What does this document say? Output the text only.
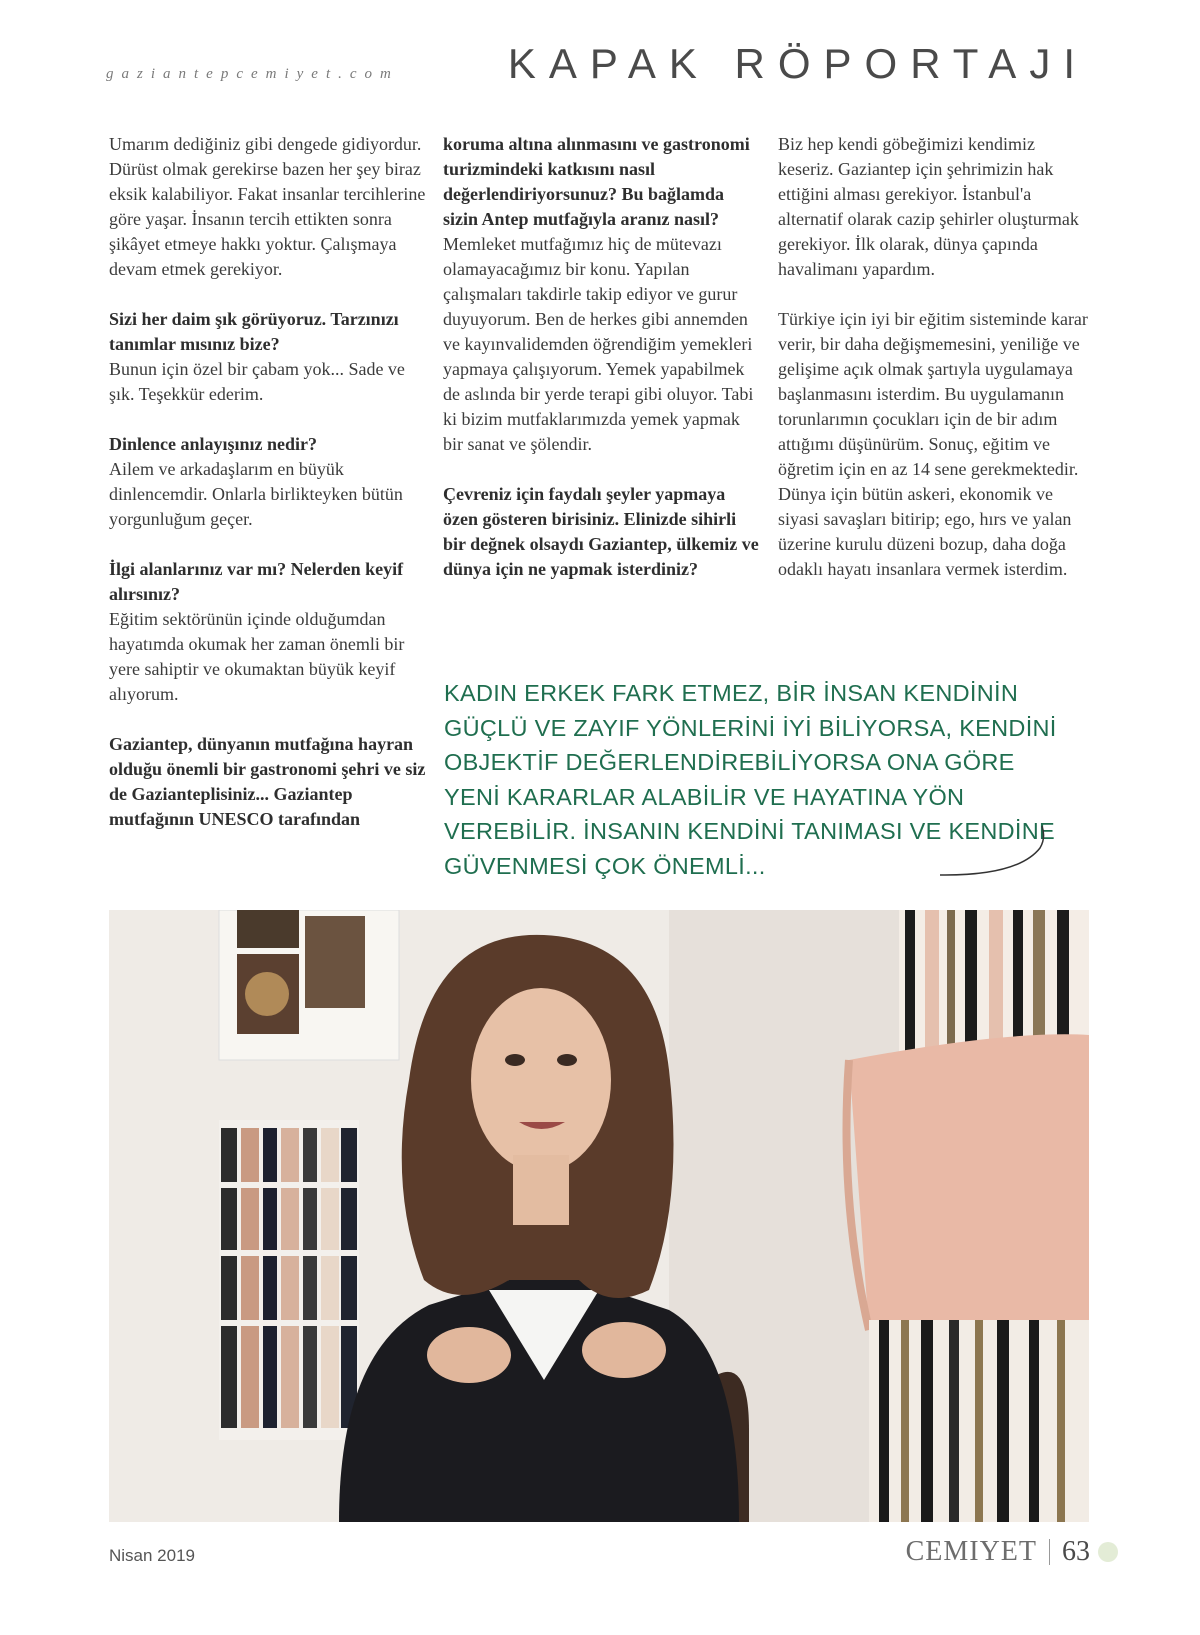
gaziantepcemiyet.com	KAPAK RÖPORTAJI

Umarım dediğiniz gibi dengede gidiyordur. Dürüst olmak gerekirse bazen her şey biraz eksik kalabiliyor. Fakat insanlar tercihlerine göre yaşar. İnsanın tercih ettikten sonra şikâyet etmeye hakkı yoktur. Çalışmaya devam etmek gerekiyor.

Sizi her daim şık görüyoruz. Tarzınızı tanımlar mısınız bize?
Bunun için özel bir çabam yok... Sade ve şık. Teşekkür ederim.

Dinlence anlayışınız nedir?
Ailem ve arkadaşlarım en büyük dinlencemdir. Onlarla birlikteyken bütün yorgunluğum geçer.

İlgi alanlarınız var mı? Nelerden keyif alırsınız?
Eğitim sektörünün içinde olduğumdan hayatımda okumak her zaman önemli bir yere sahiptir ve okumaktan büyük keyif alıyorum.

Gaziantep, dünyanın mutfağına hayran olduğu önemli bir gastronomi şehri ve siz de Gazianteplisiniz... Gaziantep mutfağının UNESCO tarafından

koruma altına alınmasını ve gastronomi turizmindeki katkısını nasıl değerlendiriyorsunuz? Bu bağlamda sizin Antep mutfağıyla aranız nasıl?
Memleket mutfağımız hiç de mütevazı olamayacağımız bir konu. Yapılan çalışmaları takdirle takip ediyor ve gurur duyuyorum. Ben de herkes gibi annemden ve kayınvalidemden öğrendiğim yemekleri yapmaya çalışıyorum. Yemek yapabilmek de aslında bir yerde terapi gibi oluyor. Tabi ki bizim mutfaklarımızda yemek yapmak bir sanat ve şölendir.

Çevreniz için faydalı şeyler yapmaya özen gösteren birisiniz. Elinizde sihirli bir değnek olsaydı Gaziantep, ülkemiz ve dünya için ne yapmak isterdiniz?

Biz hep kendi göbeğimizi kendimiz keseriz. Gaziantep için şehrimizin hak ettiğini alması gerekiyor. İstanbul'a alternatif olarak cazip şehirler oluşturmak gerekiyor. İlk olarak, dünya çapında havalimanı yapardım.

Türkiye için iyi bir eğitim sisteminde karar verir, bir daha değişmemesini, yeniliğe ve gelişime açık olmak şartıyla uygulamaya başlanmasını isterdim. Bu uygulamanın torunlarımın çocukları için de bir adım attığımı düşünürüm. Sonuç, eğitim ve öğretim için en az 14 sene gerekmektedir. Dünya için bütün askeri, ekonomik ve siyasi savaşları bitirip; ego, hırs ve yalan üzerine kurulu düzeni bozup, daha doğa odaklı hayatı insanlara vermek isterdim.

KADIN ERKEK FARK ETMEZ, BİR İNSAN KENDİNİN GÜÇLÜ VE ZAYIF YÖNLERİNİ İYİ BİLİYORSA, KENDİNİ OBJEKTİF DEĞERLENDİREBİLİYORSA ONA GÖRE YENİ KARARLAR ALABİLİR VE HAYATINA YÖN VEREBİLİR. İNSANIN KENDİNİ TANIMASI VE KENDİNE GÜVENMESİ ÇOK ÖNEMLİ...
Nisan 2019	CEMIYET 63
